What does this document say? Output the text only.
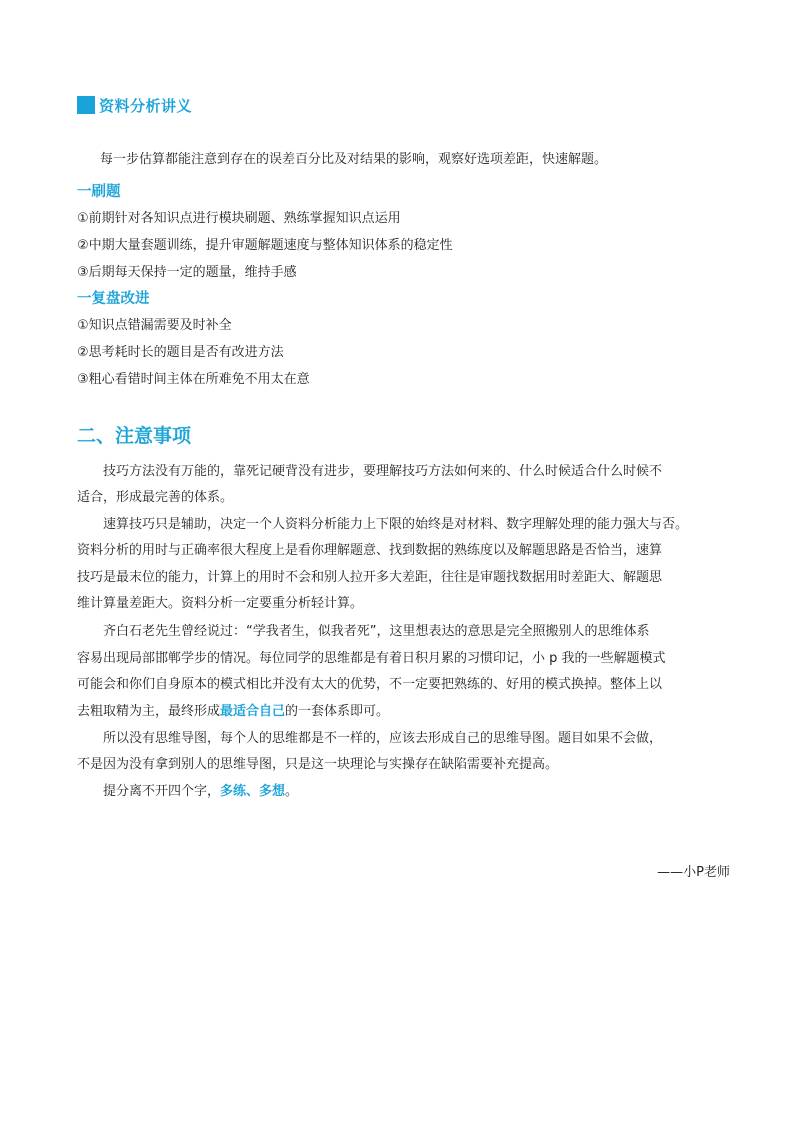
资料分析讲义
每一步估算都能注意到存在的误差百分比及对结果的影响，观察好选项差距，快速解题。
一刷题
①前期针对各知识点进行模块刷题、熟练掌握知识点运用
②中期大量套题训练，提升审题解题速度与整体知识体系的稳定性
③后期每天保持一定的题量，维持手感
一复盘改进
①知识点错漏需要及时补全
②思考耗时长的题目是否有改进方法
③粗心看错时间主体在所难免不用太在意
二、注意事项
技巧方法没有万能的，靠死记硬背没有进步，要理解技巧方法如何来的、什么时候适合什么时候不
适合，形成最完善的体系。
速算技巧只是辅助，决定一个人资料分析能力上下限的始终是对材料、数字理解处理的能力强大与否。
资料分析的用时与正确率很大程度上是看你理解题意、找到数据的熟练度以及解题思路是否恰当，速算
技巧是最末位的能力，计算上的用时不会和别人拉开多大差距，往往是审题找数据用时差距大、解题思
维计算量差距大。资料分析一定要重分析轻计算。
齐白石老先生曾经说过：“学我者生，似我者死”，这里想表达的意思是完全照搬别人的思维体系
容易出现局部邯郸学步的情况。每位同学的思维都是有着日积月累的习惯印记，小 p 我的一些解题模式
可能会和你们自身原本的模式相比并没有太大的优势，不一定要把熟练的、好用的模式换掉。整体上以
去粗取精为主，最终形成最适合自己的一套体系即可。
所以没有思维导图，每个人的思维都是不一样的，应该去形成自己的思维导图。题目如果不会做，
不是因为没有拿到别人的思维导图，只是这一块理论与实操存在缺陷需要补充提高。
提分离不开四个字，多练、多想。
——小P老师
